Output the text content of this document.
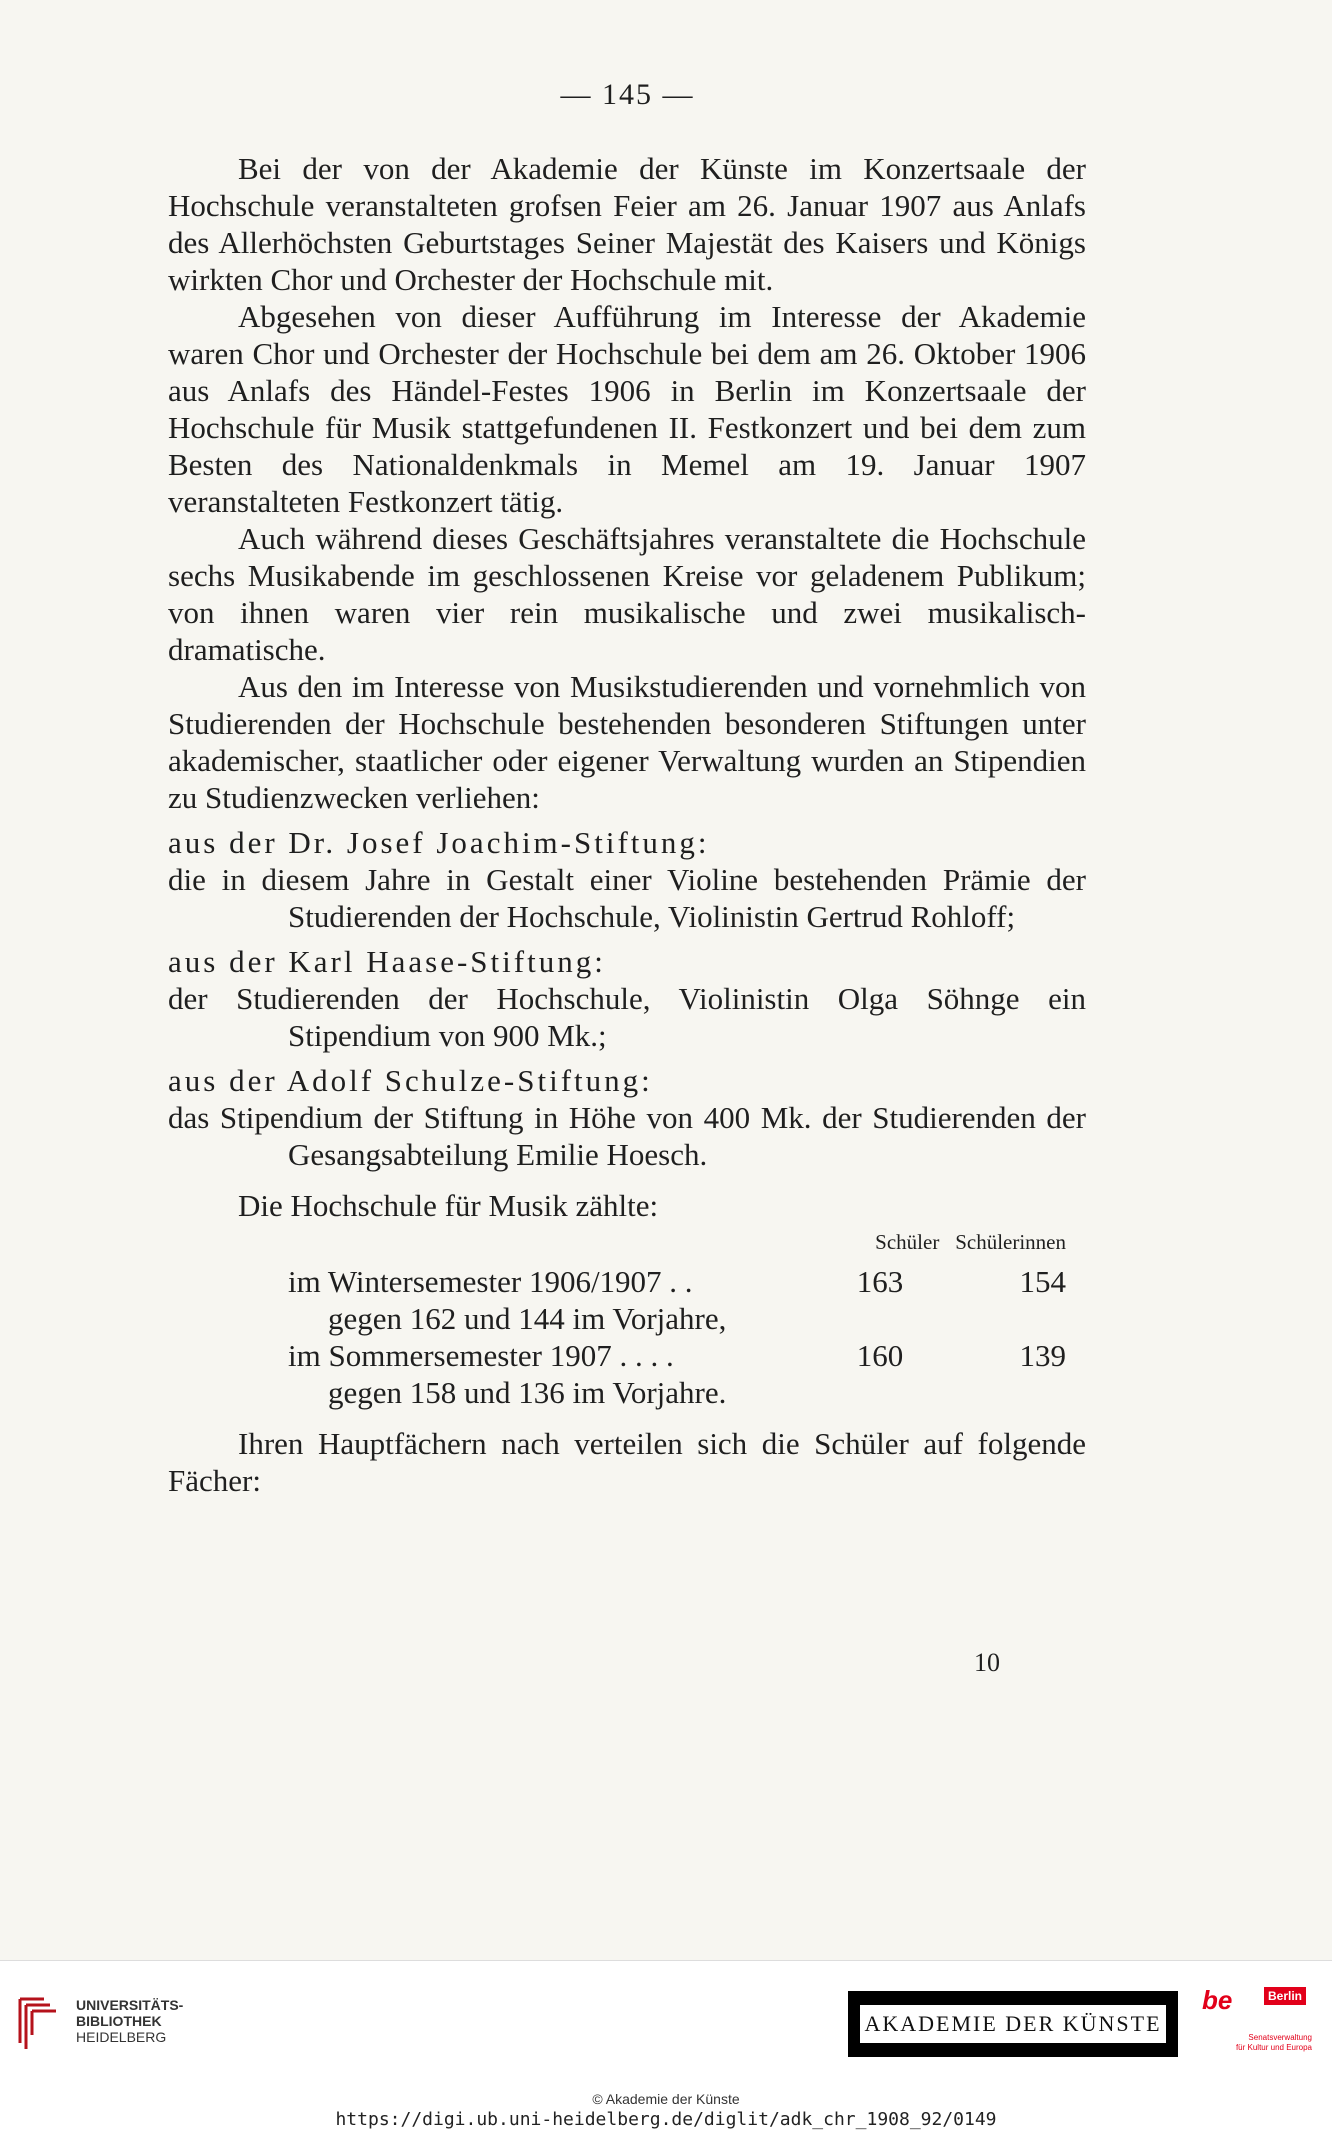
— 145 —

Bei der von der Akademie der Künste im Konzertsaale der Hochschule veranstalteten grofsen Feier am 26. Januar 1907 aus Anlafs des Allerhöchsten Geburtstages Seiner Majestät des Kaisers und Königs wirkten Chor und Orchester der Hochschule mit.

Abgesehen von dieser Aufführung im Interesse der Akademie waren Chor und Orchester der Hochschule bei dem am 26. Oktober 1906 aus Anlafs des Händel-Festes 1906 in Berlin im Konzertsaale der Hochschule für Musik stattgefundenen II. Festkonzert und bei dem zum Besten des Nationaldenkmals in Memel am 19. Januar 1907 veranstalteten Festkonzert tätig.

Auch während dieses Geschäftsjahres veranstaltete die Hochschule sechs Musikabende im geschlossenen Kreise vor geladenem Publikum; von ihnen waren vier rein musikalische und zwei musikalisch-dramatische.

Aus den im Interesse von Musikstudierenden und vornehmlich von Studierenden der Hochschule bestehenden besonderen Stiftungen unter akademischer, staatlicher oder eigener Verwaltung wurden an Stipendien zu Studienzwecken verliehen:

aus der Dr. Josef Joachim-Stiftung:

die in diesem Jahre in Gestalt einer Violine bestehenden Prämie der Studierenden der Hochschule, Violinistin Gertrud Rohloff;

aus der Karl Haase-Stiftung:

der Studierenden der Hochschule, Violinistin Olga Söhnge ein Stipendium von 900 Mk.;

aus der Adolf Schulze-Stiftung:

das Stipendium der Stiftung in Höhe von 400 Mk. der Studierenden der Gesangsabteilung Emilie Hoesch.

Die Hochschule für Musik zählte:

	Schüler	Schülerinnen
im Wintersemester 1906/1907 . .	163	154
gegen 162 und 144 im Vorjahre,		
im Sommersemester 1907 . . . .	160	139
gegen 158 und 136 im Vorjahre.		

Ihren Hauptfächern nach verteilen sich die Schüler auf folgende Fächer:

10
UNIVERSITÄTS-
BIBLIOTHEK
HEIDELBERG
AKADEMIE DER KÜNSTE
be	Berlin
Senatsverwaltung
für Kultur und Europa
© Akademie der Künste
https://digi.ub.uni-heidelberg.de/diglit/adk_chr_1908_92/0149
